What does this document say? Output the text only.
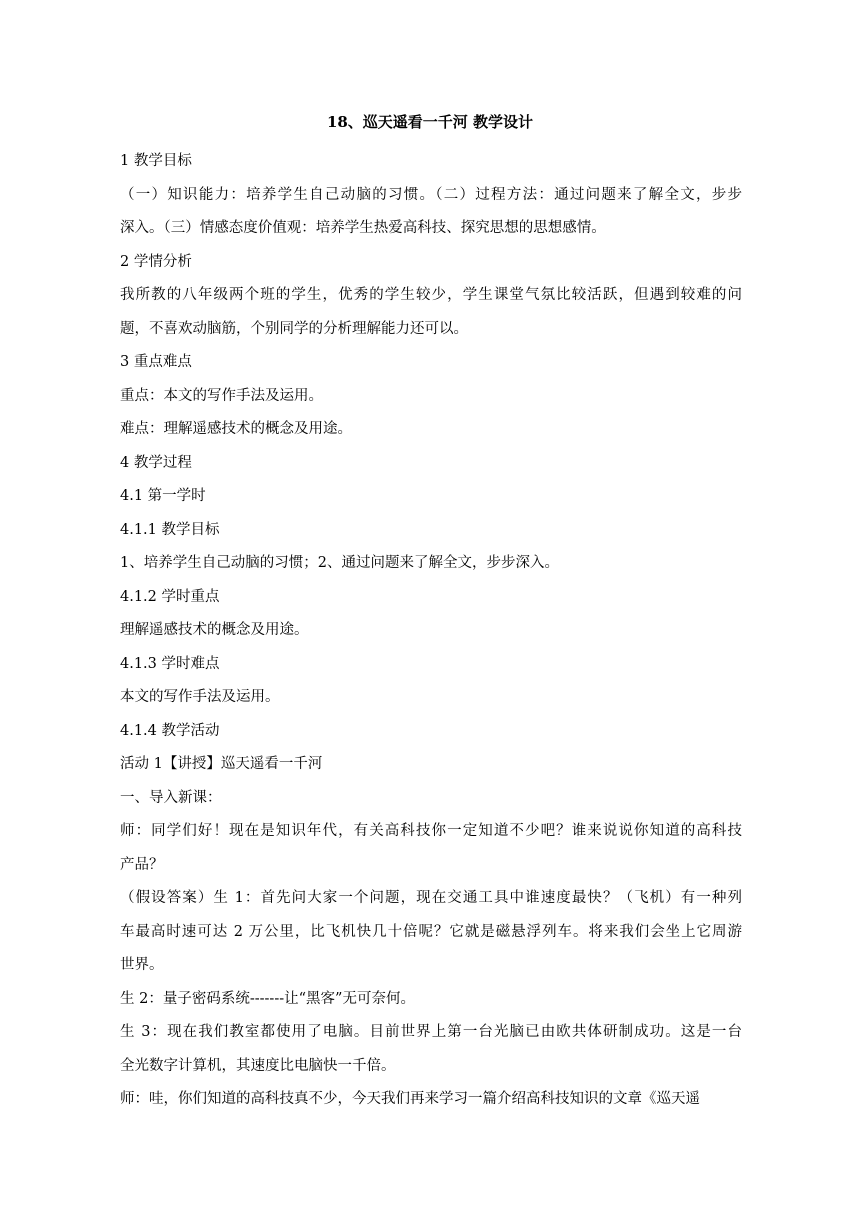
18、巡天遥看一千河 教学设计
1 教学目标
（一）知识能力：培养学生自己动脑的习惯。（二）过程方法：通过问题来了解全文，步步
深入。（三）情感态度价值观：培养学生热爱高科技、探究思想的思想感情。
2 学情分析
我所教的八年级两个班的学生，优秀的学生较少，学生课堂气氛比较活跃，但遇到较难的问
题，不喜欢动脑筋，个别同学的分析理解能力还可以。
3 重点难点
重点：本文的写作手法及运用。
难点：理解遥感技术的概念及用途。
4 教学过程
4.1 第一学时
4.1.1 教学目标
1、培养学生自己动脑的习惯；2、通过问题来了解全文，步步深入。
4.1.2 学时重点
理解遥感技术的概念及用途。
4.1.3 学时难点
本文的写作手法及运用。
4.1.4 教学活动
活动 1【讲授】巡天遥看一千河
一、导入新课：
师：同学们好！现在是知识年代，有关高科技你一定知道不少吧？谁来说说你知道的高科技
产品？
（假设答案）生 1：首先问大家一个问题，现在交通工具中谁速度最快？（飞机）有一种列
车最高时速可达 2 万公里，比飞机快几十倍呢？它就是磁悬浮列车。将来我们会坐上它周游
世界。
生 2：量子密码系统-------让“黑客”无可奈何。
生 3：现在我们教室都使用了电脑。目前世界上第一台光脑已由欧共体研制成功。这是一台
全光数字计算机，其速度比电脑快一千倍。
师：哇，你们知道的高科技真不少，今天我们再来学习一篇介绍高科技知识的文章《巡天遥
